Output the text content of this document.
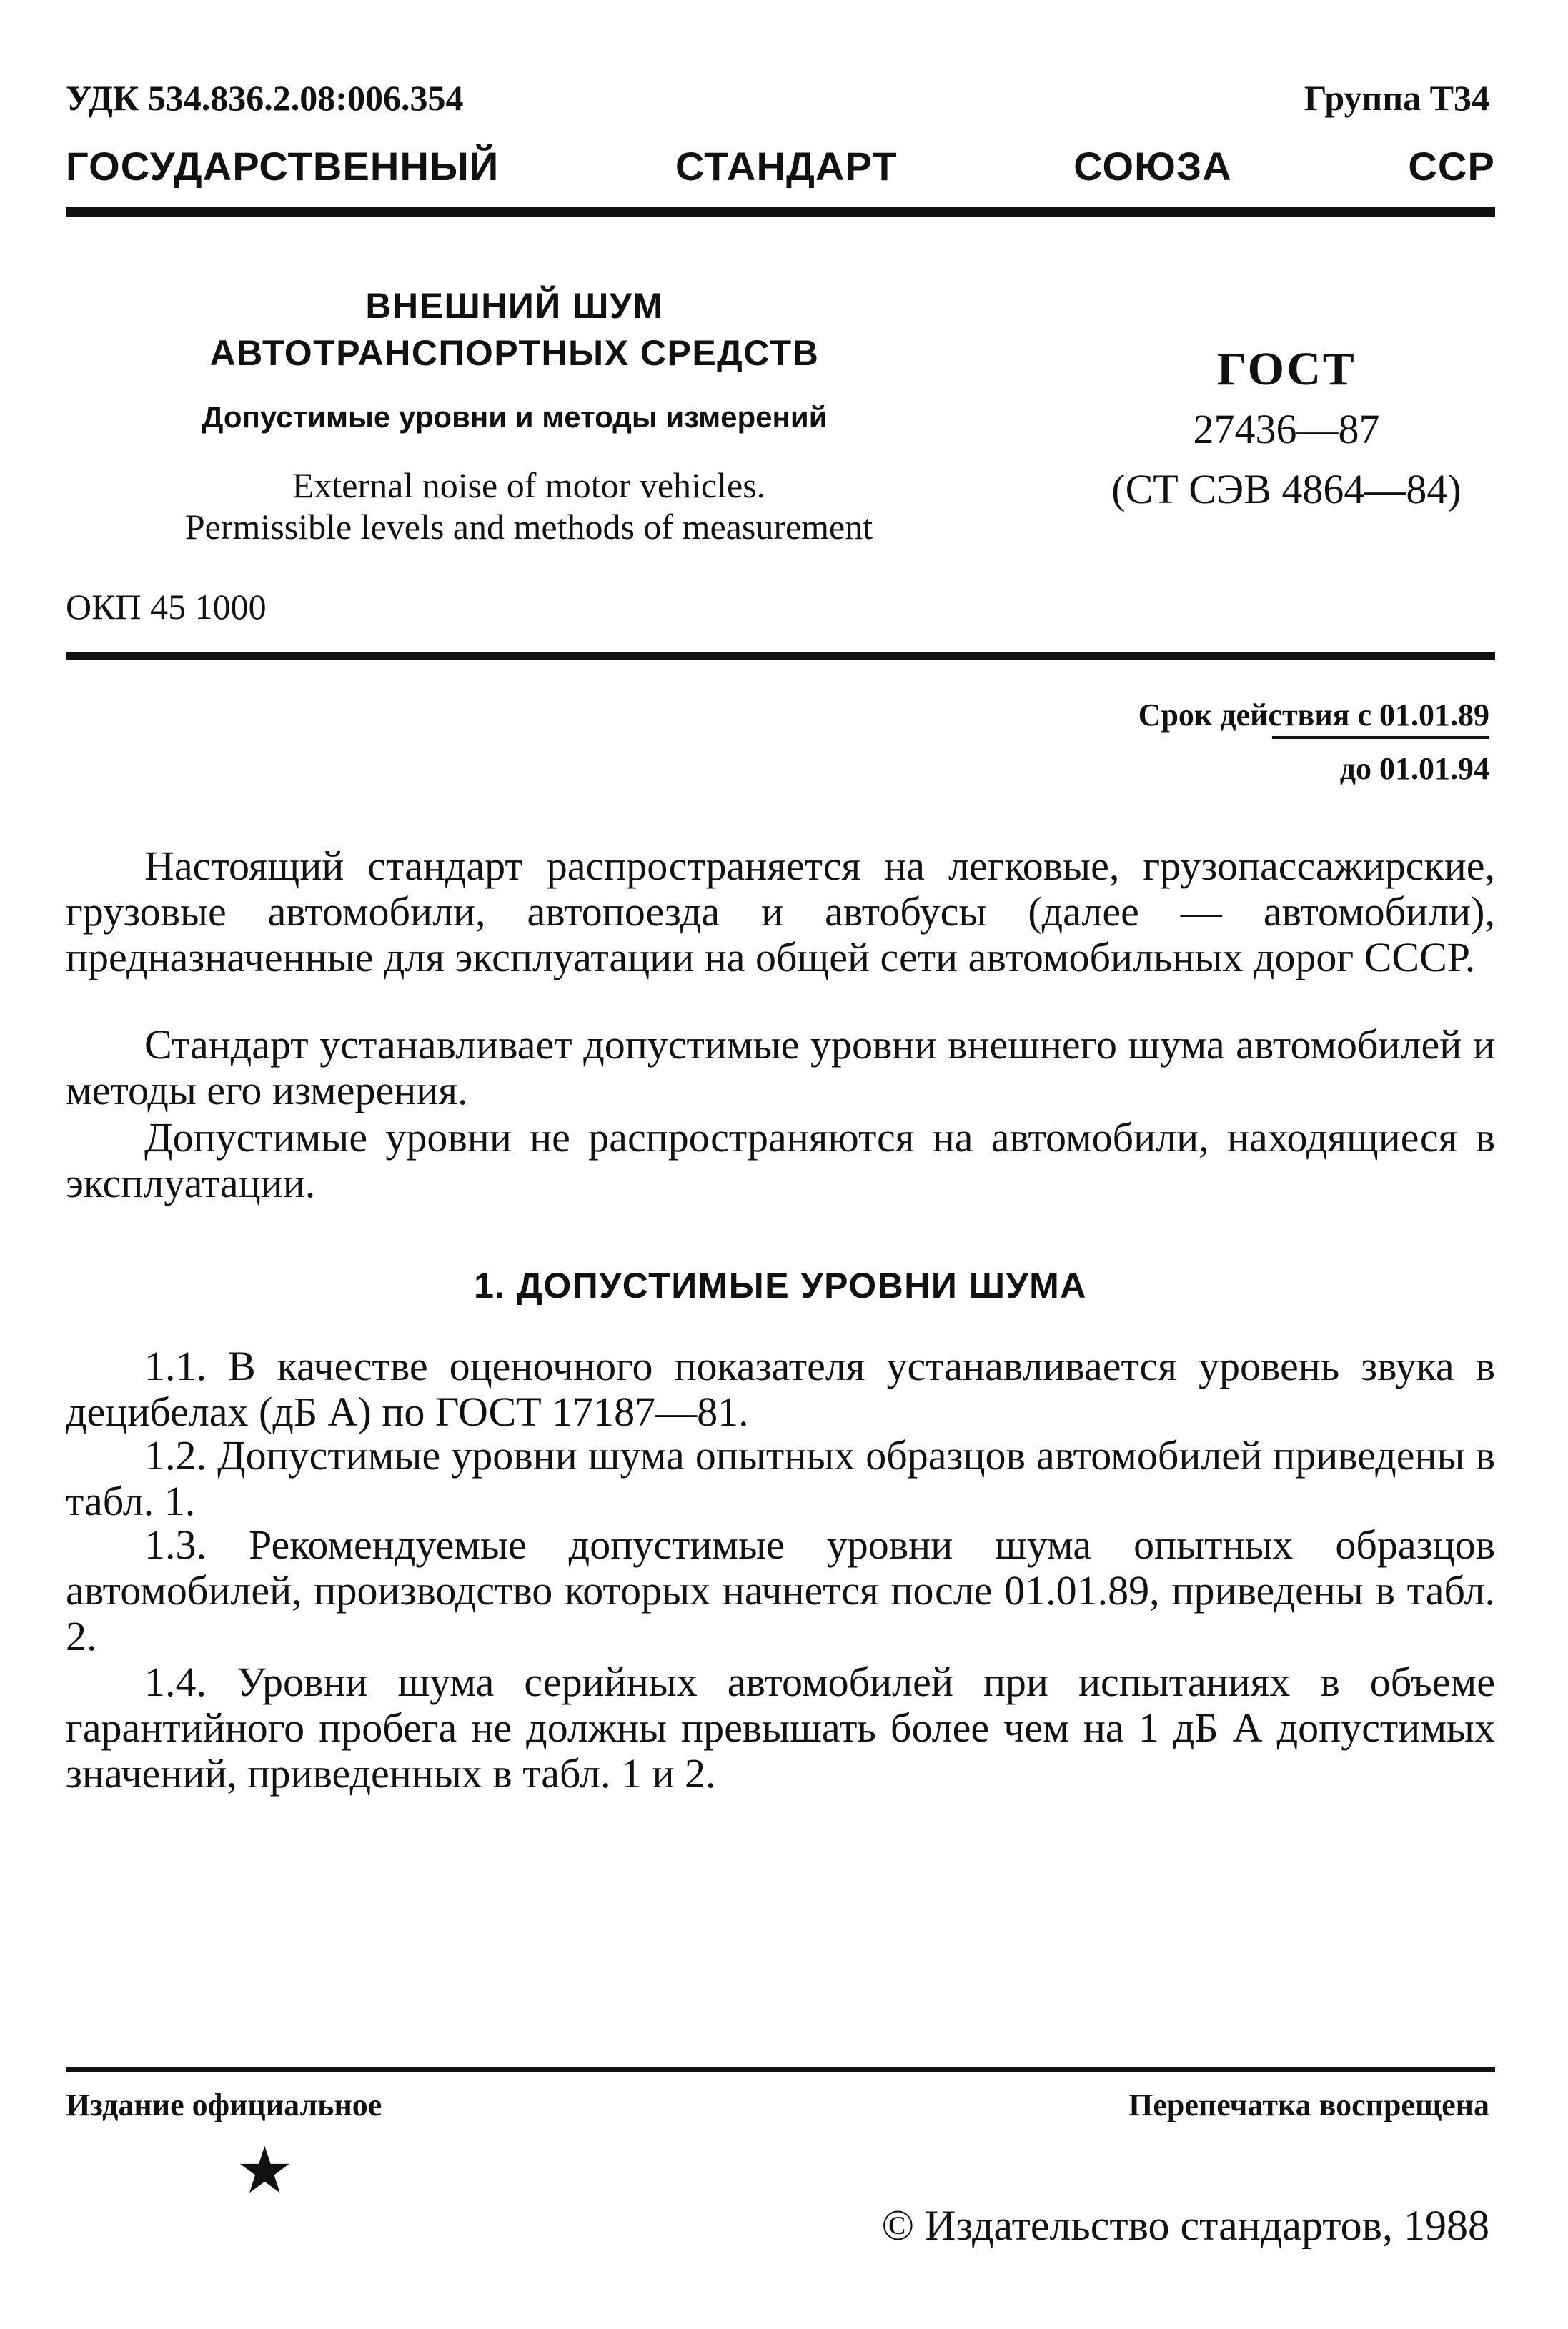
УДК 534.836.2.08:006.354	Группа Т34
ГОСУДАРСТВЕННЫЙ	СТАНДАРТ	СОЮЗА	ССР
ВНЕШНИЙ ШУМ
АВТОТРАНСПОРТНЫХ СРЕДСТВ
Допустимые уровни и методы измерений
External noise of motor vehicles.
Permissible levels and methods of measurement
ОКП 45 1000
ГОСТ
27436—87
(СТ СЭВ 4864—84)
Срок действия с 01.01.89
до 01.01.94

Настоящий стандарт распространяется на легковые, грузопассажирские, грузовые автомобили, автопоезда и автобусы (далее — автомобили), предназначенные для эксплуатации на общей сети автомобильных дорог СССР.

Стандарт устанавливает допустимые уровни внешнего шума автомобилей и методы его измерения.

Допустимые уровни не распространяются на автомобили, находящиеся в эксплуатации.

1. ДОПУСТИМЫЕ УРОВНИ ШУМА

1.1. В качестве оценочного показателя устанавливается уровень звука в децибелах (дБ А) по ГОСТ 17187—81.

1.2. Допустимые уровни шума опытных образцов автомобилей приведены в табл. 1.

1.3. Рекомендуемые допустимые уровни шума опытных образцов автомобилей, производство которых начнется после 01.01.89, приведены в табл. 2.

1.4. Уровни шума серийных автомобилей при испытаниях в объеме гарантийного пробега не должны превышать более чем на 1 дБ А допустимых значений, приведенных в табл. 1 и 2.

Издание официальное	Перепечатка воспрещена
★
© Издательство стандартов, 1988
